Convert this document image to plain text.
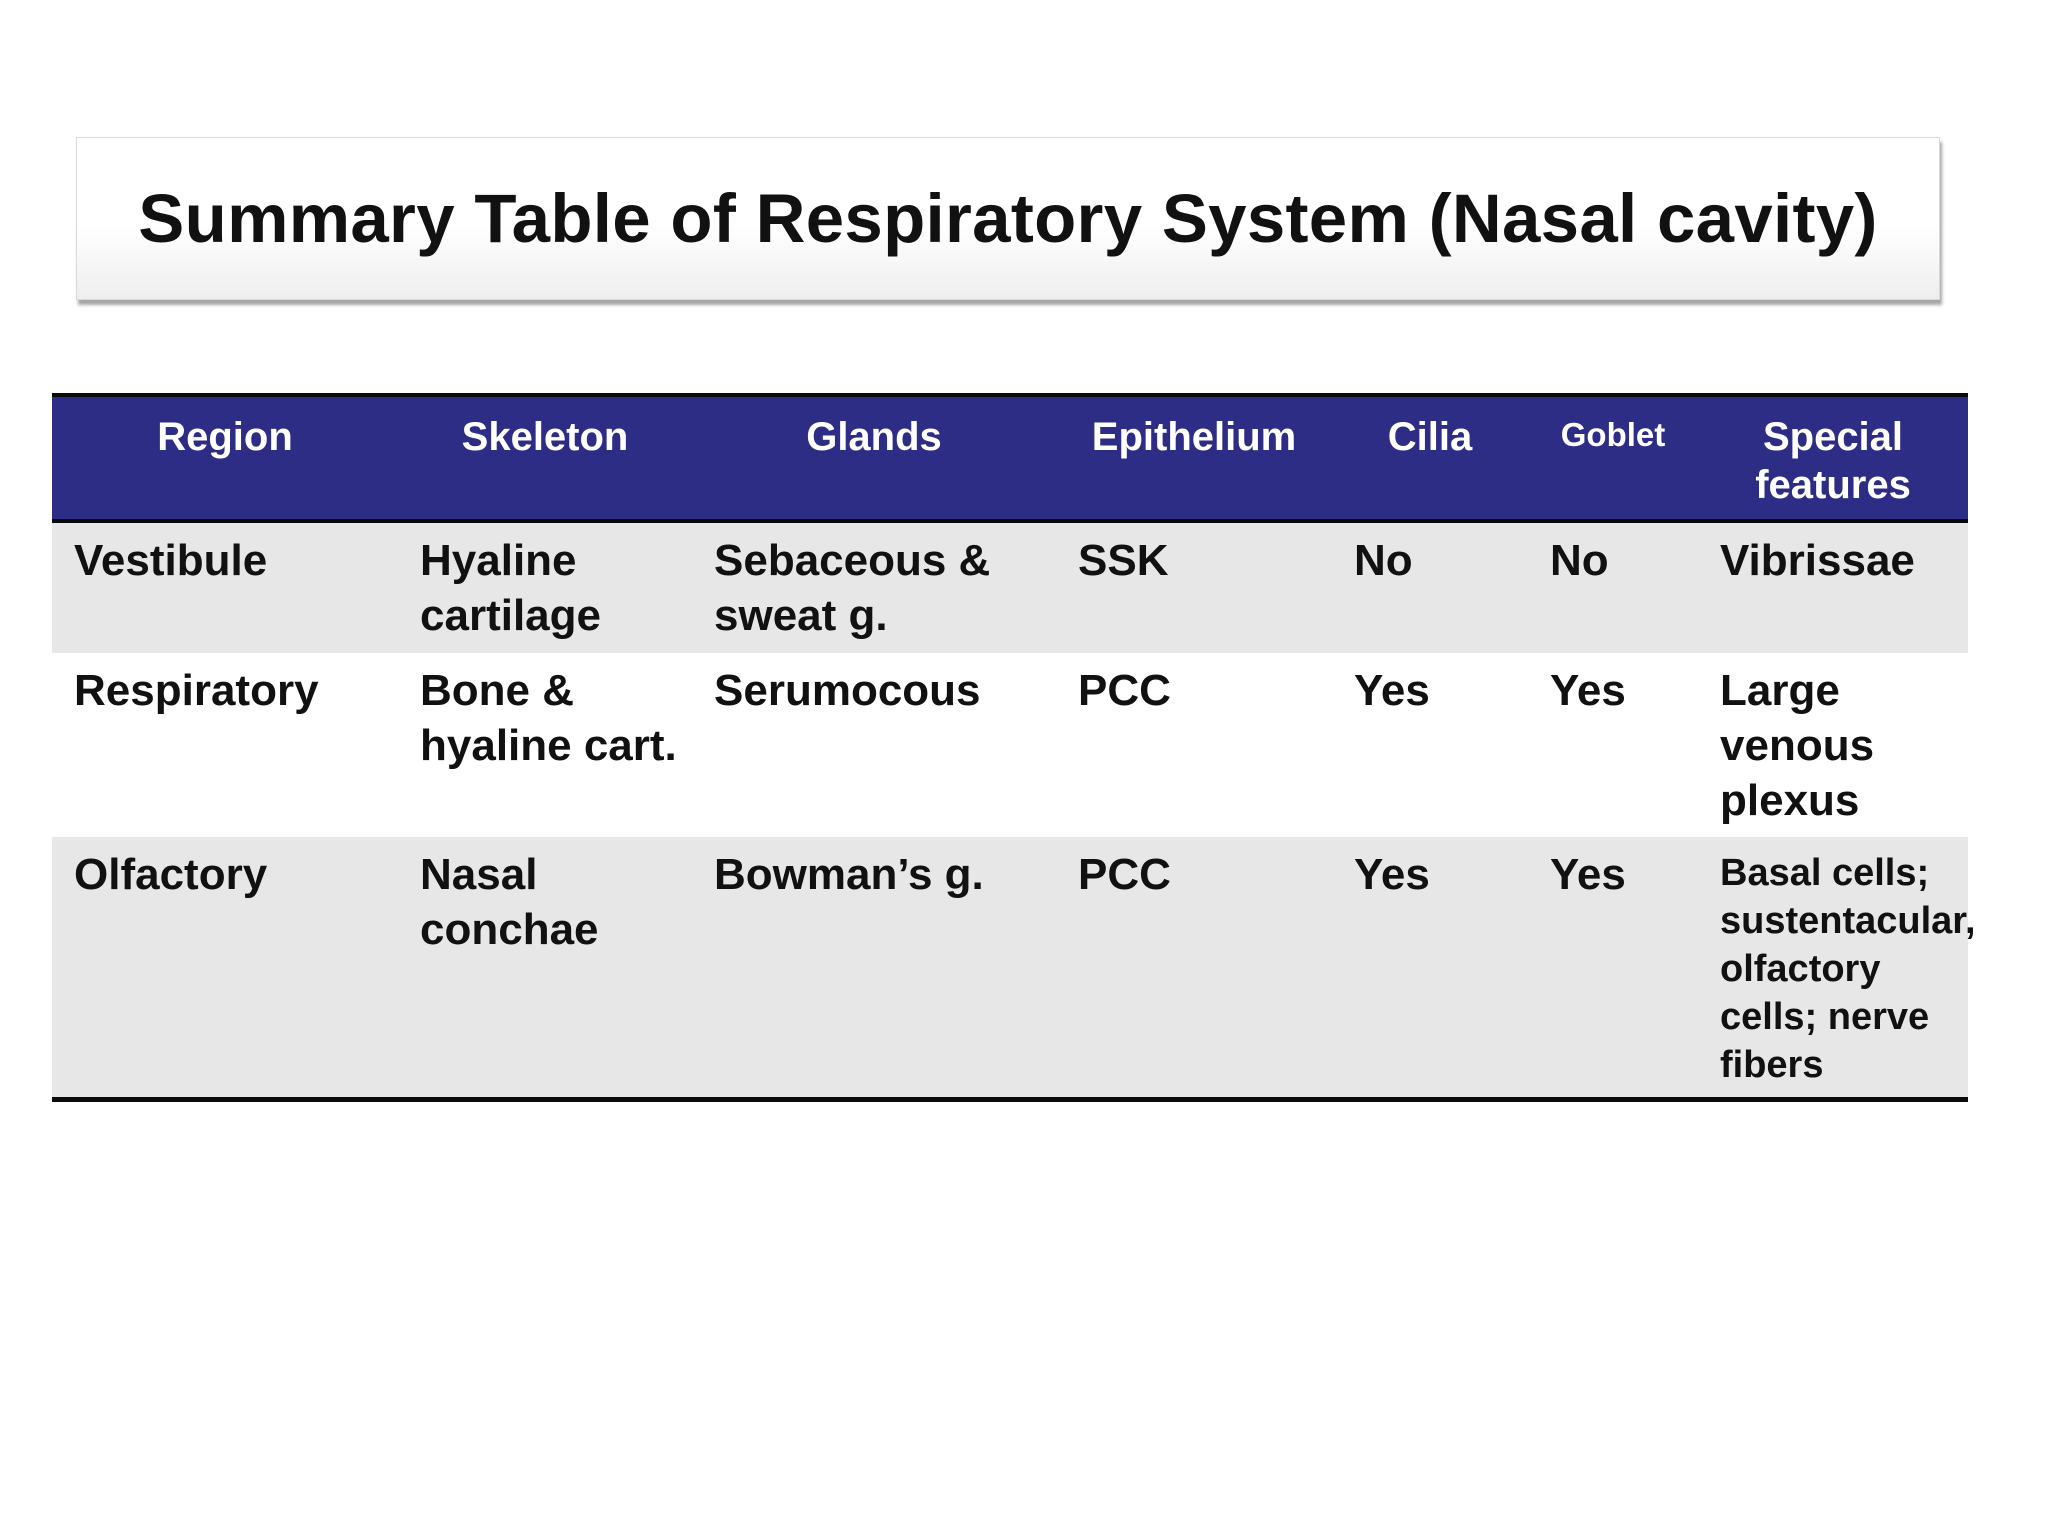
Summary Table of Respiratory System (Nasal cavity)
Region	Skeleton	Glands	Epithelium	Cilia	Goblet	Special features
Vestibule	Hyaline cartilage	Sebaceous & sweat g.	SSK	No	No	Vibrissae
Respiratory	Bone & hyaline cart.	Serumocous	PCC	Yes	Yes	Large venous plexus
Olfactory	Nasal conchae	Bowman’s g.	PCC	Yes	Yes	Basal cells; sustentacular, olfactory cells; nerve fibers
